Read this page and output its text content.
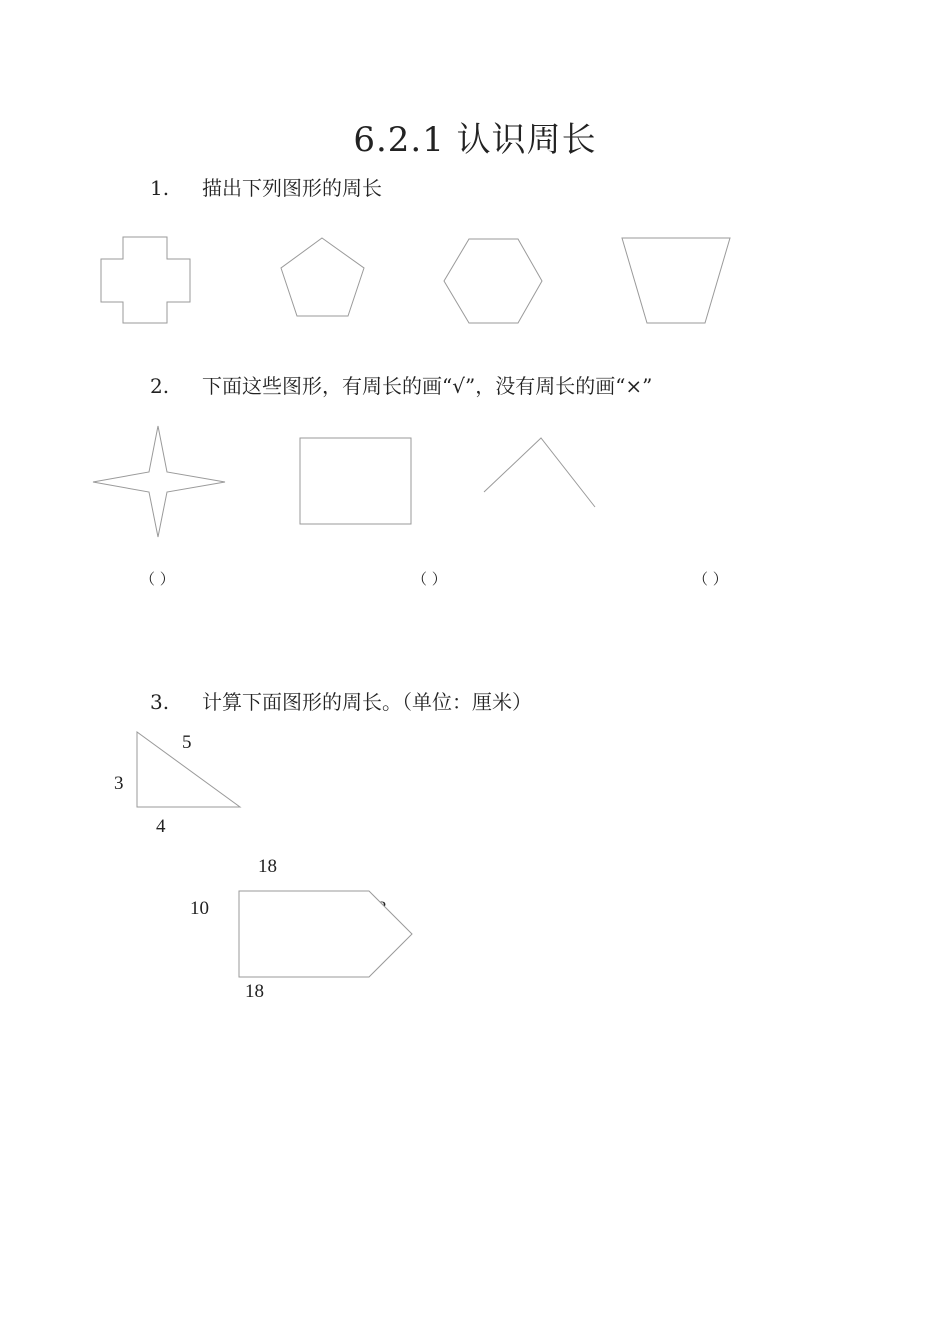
6.2.1 认识周长
1. 描出下列图形的周长
2. 下面这些图形，有周长的画“√”，没有周长的画“×”
3. 计算下面图形的周长。（单位：厘米）
5
3
4
18
10
18
（ ）	（ ）	（ ）
